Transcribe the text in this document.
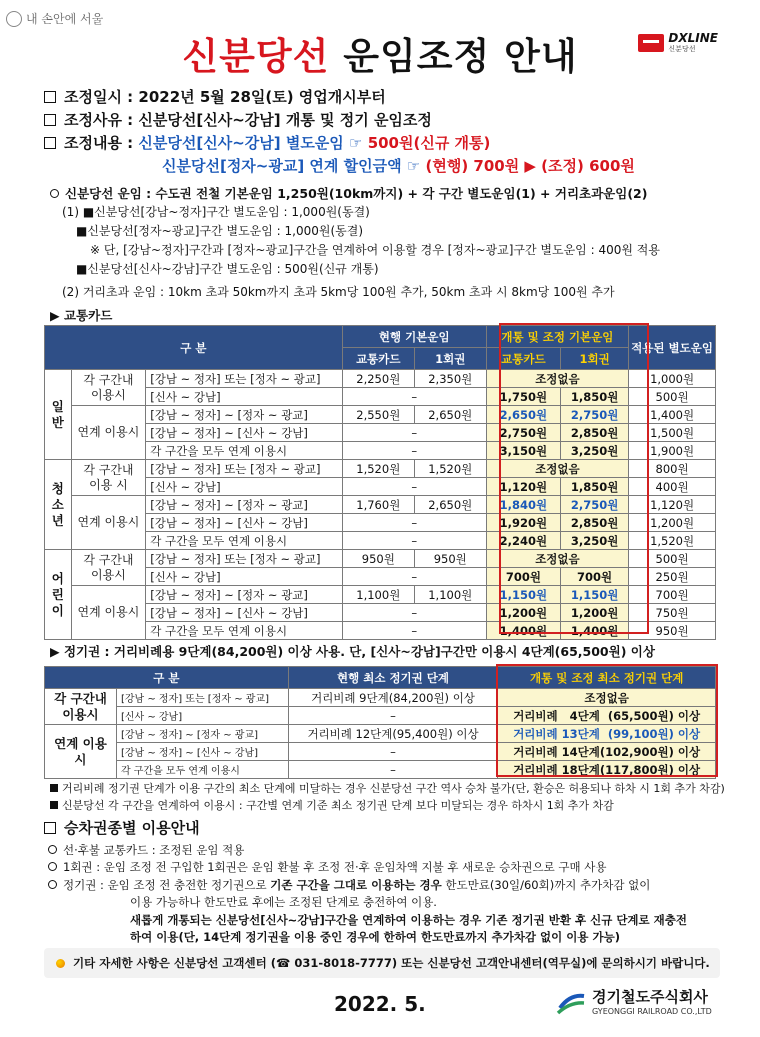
내 손안에 서울
DXLINE
신분당선
신분당선 운임조정 안내
조정일시 : 2022년 5월 28일(토) 영업개시부터
조정사유 : 신분당선[신사~강남] 개통 및 정기 운임조정
조정내용 : 신분당선[신사~강남] 별도운임 ☞ 500원(신규 개통)
신분당선[정자~광교] 연계 할인금액 ☞ (현행) 700원 ▶ (조정) 600원
신분당선 운임 : 수도권 전철 기본운임 1,250원(10km까지) + 각 구간 별도운임(1) + 거리초과운임(2)
(1) ■신분당선[강남~정자]구간 별도운임 : 1,000원(동결)
■신분당선[정자~광교]구간 별도운임 : 1,000원(동결)
※ 단, [강남~정자]구간과 [정자~광교]구간을 연계하여 이용할 경우 [정자~광교]구간 별도운임 : 400원 적용
■신분당선[신사~강남]구간 별도운임 : 500원(신규 개통)
(2) 거리초과 운임 : 10km 초과 50km까지 초과 5km당 100원 추가, 50km 초과 시 8km당 100원 추가
▶ 교통카드
구 분			현행 기본운임		개통 및 조정 기본운임		적용된 별도운임
			교통카드	1회권	교통카드	1회권	
일반	각 구간내 이용시	[강남 ~ 정자] 또는 [정자 ~ 광교]	2,250원	2,350원	조정없음		1,000원
		[신사 ~ 강남]	–		1,750원	1,850원	500원
	연계 이용시	[강남 ~ 정자] ~ [정자 ~ 광교]	2,550원	2,650원	2,650원	2,750원	1,400원
		[강남 ~ 정자] ~ [신사 ~ 강남]	–		2,750원	2,850원	1,500원
		각 구간을 모두 연계 이용시	–		3,150원	3,250원	1,900원
청소년	각 구간내 이용 시	[강남 ~ 정자] 또는 [정자 ~ 광교]	1,520원	1,520원	조정없음		800원
		[신사 ~ 강남]	–		1,120원	1,850원	400원
	연계 이용시	[강남 ~ 정자] ~ [정자 ~ 광교]	1,760원	2,650원	1,840원	2,750원	1,120원
		[강남 ~ 정자] ~ [신사 ~ 강남]	–		1,920원	2,850원	1,200원
		각 구간을 모두 연계 이용시	–		2,240원	3,250원	1,520원
어린이	각 구간내 이용시	[강남 ~ 정자] 또는 [정자 ~ 광교]	950원	950원	조정없음		500원
		[신사 ~ 강남]	–		700원	700원	250원
	연계 이용시	[강남 ~ 정자] ~ [정자 ~ 광교]	1,100원	1,100원	1,150원	1,150원	700원
		[강남 ~ 정자] ~ [신사 ~ 강남]	–		1,200원	1,200원	750원
		각 구간을 모두 연계 이용시	–		1,400원	1,400원	950원
▶ 정기권 : 거리비례용 9단계(84,200원) 이상 사용. 단, [신사~강남]구간만 이용시 4단계(65,500원) 이상
구 분		현행 최소 정기권 단계	개통 및 조정 최소 정기권 단계
각 구간내 이용시	[강남 ~ 정자] 또는 [정자 ~ 광교]	거리비례 9단계(84,200원) 이상	조정없음
	[신사 ~ 강남]	–	거리비례   4단계  (65,500원) 이상
연계 이용시	[강남 ~ 정자] ~ [정자 ~ 광교]	거리비례 12단계(95,400원) 이상	거리비례 13단계  (99,100원) 이상
	[강남 ~ 정자] ~ [신사 ~ 강남]	–	거리비례 14단계(102,900원) 이상
	각 구간을 모두 연계 이용시	–	거리비례 18단계(117,800원) 이상
거리비례 정기권 단계가 이용 구간의 최소 단계에 미달하는 경우 신분당선 구간 역사 승차 불가(단, 환승은 허용되나 하차 시 1회 추가 차감)
신분당선 각 구간을 연계하여 이용시 : 구간별 연계 기준 최소 정기권 단계 보다 미달되는 경우 하차시 1회 추가 차감
승차권종별 이용안내
선·후불 교통카드 : 조정된 운임 적용
1회권 : 운임 조정 전 구입한 1회권은 운임 환불 후 조정 전·후 운임차액 지불 후 새로운 승차권으로 구매 사용
정기권 : 운임 조정 전 충전한 정기권으로 기존 구간을 그대로 이용하는 경우 한도만료(30일/60회)까지 추가차감 없이
이용 가능하나 한도만료 후에는 조정된 단계로 충전하여 이용.
새롭게 개통되는 신분당선[신사~강남]구간을 연계하여 이용하는 경우 기존 정기권 반환 후 신규 단계로 재충전
하여 이용(단, 14단계 정기권을 이용 중인 경우에 한하여 한도만료까지 추가차감 없이 이용 가능)
기타 자세한 사항은 신분당선 고객센터 (☎ 031-8018-7777) 또는 신분당선 고객안내센터(역무실)에 문의하시기 바랍니다.
2022. 5.	경기철도주식회사
GYEONGGI RAILROAD CO.,LTD
